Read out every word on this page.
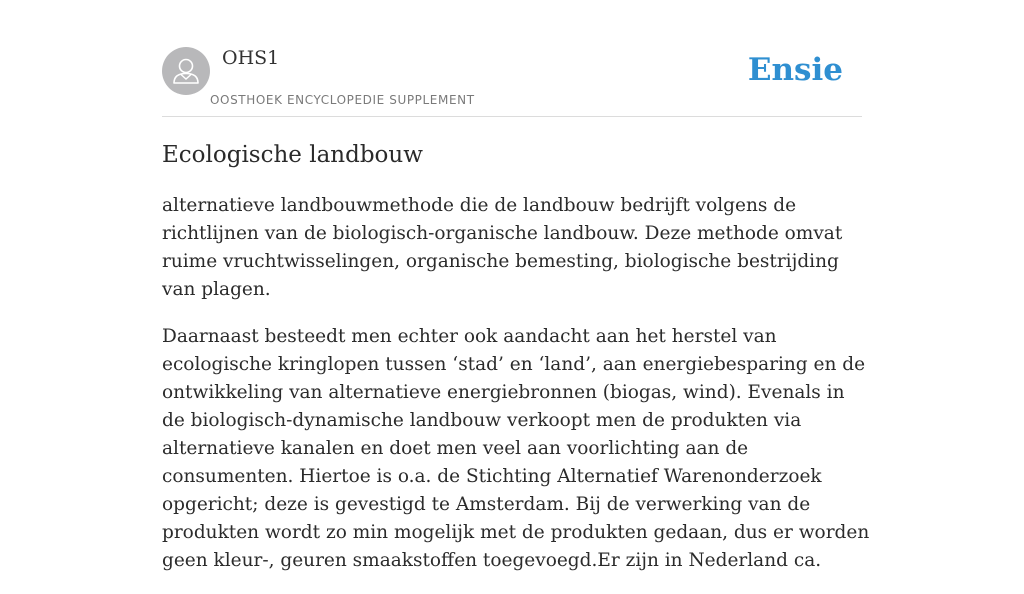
OHS1
OOSTHOEK ENCYCLOPEDIE SUPPLEMENT
Ensie
Ecologische landbouw

alternatieve landbouwmethode die de landbouw bedrijft volgens de richtlijnen van de biologisch-organische landbouw. Deze methode omvat ruime vruchtwisselingen, organische bemesting, biologische bestrijding van plagen.

Daarnaast besteedt men echter ook aandacht aan het herstel van ecologische kringlopen tussen ‘stad’ en ‘land’, aan energiebesparing en de ontwikkeling van alternatieve energiebronnen (biogas, wind). Evenals in de biologisch-dynamische landbouw verkoopt men de produkten via alternatieve kanalen en doet men veel aan voorlichting aan de consumenten. Hiertoe is o.a. de Stichting Alternatief Warenonderzoek opgericht; deze is gevestigd te Amsterdam. Bij de verwerking van de produkten wordt zo min mogelijk met de produkten gedaan, dus er worden geen kleur-, geuren smaakstoffen toegevoegd.Er zijn in Nederland ca.
